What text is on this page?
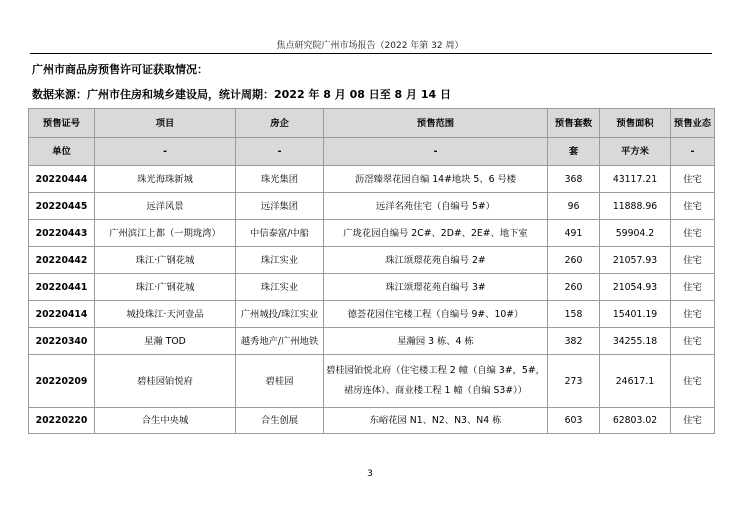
焦点研究院广州市场报告（2022 年第 32 周）
广州市商品房预售许可证获取情况：
数据来源：广州市住房和城乡建设局，统计周期：2022 年 8 月 08 日至 8 月 14 日
预售证号	项目	房企	预售范围	预售套数	预售面积	预售业态
单位	-	-	-	套	平方米	-
20220444	珠光海珠新城	珠光集团	沥滘臻翠花园自编 14#地块 5、6 号楼	368	43117.21	住宅
20220445	远洋风景	远洋集团	远洋名苑住宅（自编号 5#）	96	11888.96	住宅
20220443	广州滨江上都（一期珑湾）	中信泰富/中船	广珑花园自编号 2C#、2D#、2E#、地下室	491	59904.2	住宅
20220442	珠江·广钢花城	珠江实业	珠江颂璟花苑自编号 2#	260	21057.93	住宅
20220441	珠江·广钢花城	珠江实业	珠江颂璟花苑自编号 3#	260	21054.93	住宅
20220414	城投珠江·天河壹品	广州城投/珠江实业	德荟花园住宅楼工程（自编号 9#、10#）	158	15401.19	住宅
20220340	星瀚 TOD	越秀地产/广州地铁	星瀚园 3 栋、4 栋	382	34255.18	住宅
20220209	碧桂园铂悦府	碧桂园	碧桂园铂悦北府（住宅楼工程 2 幢（自编 3#，5#，裙房连体）、商业楼工程 1 幢（自编 S3#））	273	24617.1	住宅
20220220	合生中央城	合生创展	东峪花园 N1、N2、N3、N4 栋	603	62803.02	住宅
3
